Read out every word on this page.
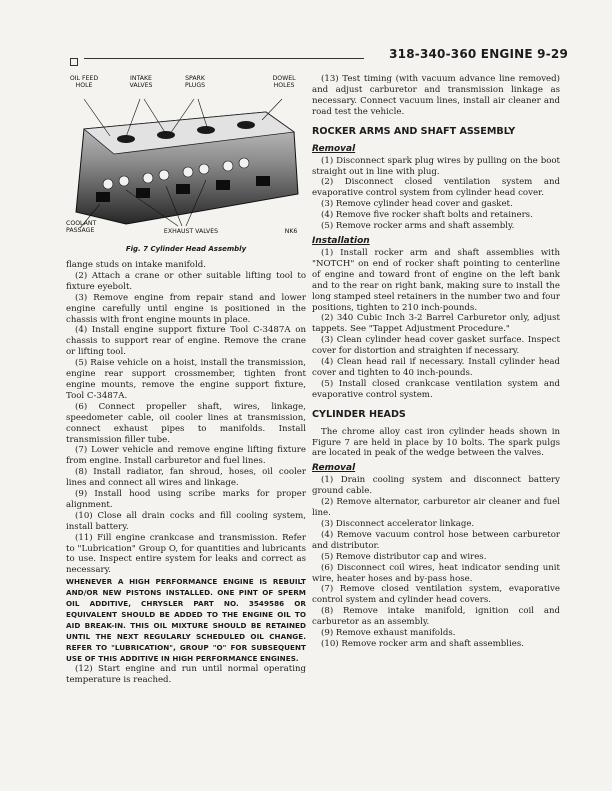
318-340-360 ENGINE 9-29
OIL FEED
HOLE
INTAKE
VALVES
SPARK
PLUGS
DOWEL
HOLES
COOLANT
PASSAGE	EXHAUST VALVES	NK6
Fig. 7 Cylinder Head Assembly

flange studs on intake manifold.

(2) Attach a crane or other suitable lifting tool to fixture eyebolt.

(3) Remove engine from repair stand and lower engine carefully until engine is positioned in the chassis with front engine mounts in place.

(4) Install engine support fixture Tool C-3487A on chassis to support rear of engine. Remove the crane or lifting tool.

(5) Raise vehicle on a hoist, install the transmission, engine rear support crossmember, tighten front engine mounts, remove the engine support fixture, Tool C-3487A.

(6) Connect propeller shaft, wires, linkage, speedometer cable, oil cooler lines at transmission, connect exhaust pipes to manifolds. Install transmission filler tube.

(7) Lower vehicle and remove engine lifting fixture from engine. Install carburetor and fuel lines.

(8) Install radiator, fan shroud, hoses, oil cooler lines and connect all wires and linkage.

(9) Install hood using scribe marks for proper alignment.

(10) Close all drain cocks and fill cooling system, install battery.

(11) Fill engine crankcase and transmission. Refer to "Lubrication" Group O, for quantities and lubricants to use. Inspect entire system for leaks and correct as necessary.

WHENEVER A HIGH PERFORMANCE ENGINE IS REBUILT AND/OR NEW PISTONS INSTALLED. ONE PINT OF SPERM OIL ADDITIVE, CHRYSLER PART NO. 3549586 OR EQUIVALENT SHOULD BE ADDED TO THE ENGINE OIL TO AID BREAK-IN. THIS OIL MIXTURE SHOULD BE RETAINED UNTIL THE NEXT REGULARLY SCHEDULED OIL CHANGE. REFER TO "LUBRICATION", GROUP "O" FOR SUBSEQUENT USE OF THIS ADDITIVE IN HIGH PERFORMANCE ENGINES.

(12) Start engine and run until normal operating temperature is reached.

(13) Test timing (with vacuum advance line removed) and adjust carburetor and transmission linkage as necessary. Connect vacuum lines, install air cleaner and road test the vehicle.

ROCKER ARMS AND SHAFT ASSEMBLY
Removal

(1) Disconnect spark plug wires by pulling on the boot straight out in line with plug.

(2) Disconnect closed ventilation system and evaporative control system from cylinder head cover.

(3) Remove cylinder head cover and gasket.

(4) Remove five rocker shaft bolts and retainers.

(5) Remove rocker arms and shaft assembly.

Installation

(1) Install rocker arm and shaft assemblies with "NOTCH" on end of rocker shaft pointing to centerline of engine and toward front of engine on the left bank and to the rear on right bank, making sure to install the long stamped steel retainers in the number two and four positions, tighten to 210 inch-pounds.

(2) 340 Cubic Inch 3-2 Barrel Carburetor only, adjust tappets. See "Tappet Adjustment Procedure."

(3) Clean cylinder head cover gasket surface. Inspect cover for distortion and straighten if necessary.

(4) Clean head rail if necessary. Install cylinder head cover and tighten to 40 inch-pounds.

(5) Install closed crankcase ventilation system and evaporative control system.

CYLINDER HEADS

The chrome alloy cast iron cylinder heads shown in Figure 7 are held in place by 10 bolts. The spark pulgs are located in peak of the wedge between the valves.

Removal

(1) Drain cooling system and disconnect battery ground cable.

(2) Remove alternator, carburetor air cleaner and fuel line.

(3) Disconnect accelerator linkage.

(4) Remove vacuum control hose between carburetor and distributor.

(5) Remove distributor cap and wires.

(6) Disconnect coil wires, heat indicator sending unit wire, heater hoses and by-pass hose.

(7) Remove closed ventilation system, evaporative control system and cylinder head covers.

(8) Remove intake manifold, ignition coil and carburetor as an assembly.

(9) Remove exhaust manifolds.

(10) Remove rocker arm and shaft assemblies.
